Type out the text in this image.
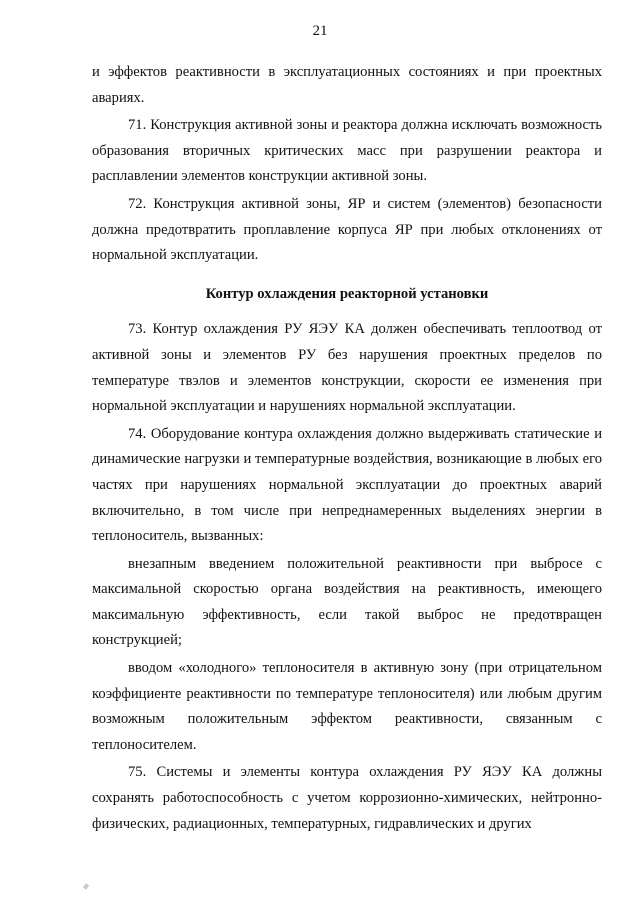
21

и эффектов реактивности в эксплуатационных состояниях и при проектных авариях.

71. Конструкция активной зоны и реактора должна исключать возможность образования вторичных критических масс при разрушении реактора и расплавлении элементов конструкции активной зоны.

72. Конструкция активной зоны, ЯР и систем (элементов) безопасности должна предотвратить проплавление корпуса ЯР при любых отклонениях от нормальной эксплуатации.

Контур охлаждения реакторной установки

73. Контур охлаждения РУ ЯЭУ КА должен обеспечивать теплоотвод от активной зоны и элементов РУ без нарушения проектных пределов по температуре твэлов и элементов конструкции, скорости ее изменения при нормальной эксплуатации и нарушениях нормальной эксплуатации.

74. Оборудование контура охлаждения должно выдерживать статические и динамические нагрузки и температурные воздействия, возникающие в любых его частях при нарушениях нормальной эксплуатации до проектных аварий включительно, в том числе при непреднамеренных выделениях энергии в теплоноситель, вызванных:

внезапным введением положительной реактивности при выбросе с максимальной скоростью органа воздействия на реактивность, имеющего максимальную эффективность, если такой выброс не предотвращен конструкцией;

вводом «холодного» теплоносителя в активную зону (при отрицательном коэффициенте реактивности по температуре теплоносителя) или любым другим возможным положительным эффектом реактивности, связанным с теплоносителем.

75. Системы и элементы контура охлаждения РУ ЯЭУ КА должны сохранять работоспособность с учетом коррозионно-химических, нейтронно-физических, радиационных, температурных, гидравлических и других
